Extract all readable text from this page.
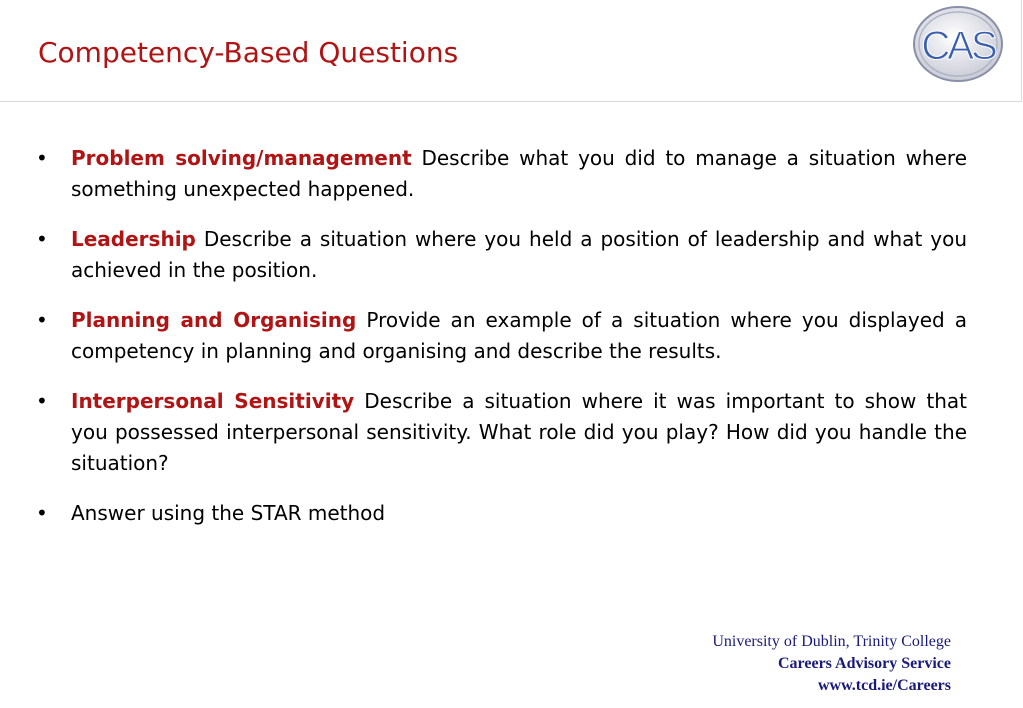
Competency-Based Questions	CAS
• Problem solving/management Describe what you did to manage a situation where something unexpected happened.
• Leadership Describe a situation where you held a position of leadership and what you achieved in the position.
• Planning and Organising Provide an example of a situation where you displayed a competency in planning and organising and describe the results.
• Interpersonal Sensitivity Describe a situation where it was important to show that you possessed interpersonal sensitivity. What role did you play? How did you handle the situation?
• Answer using the STAR method
University of Dublin, Trinity College
Careers Advisory Service
www.tcd.ie/Careers
